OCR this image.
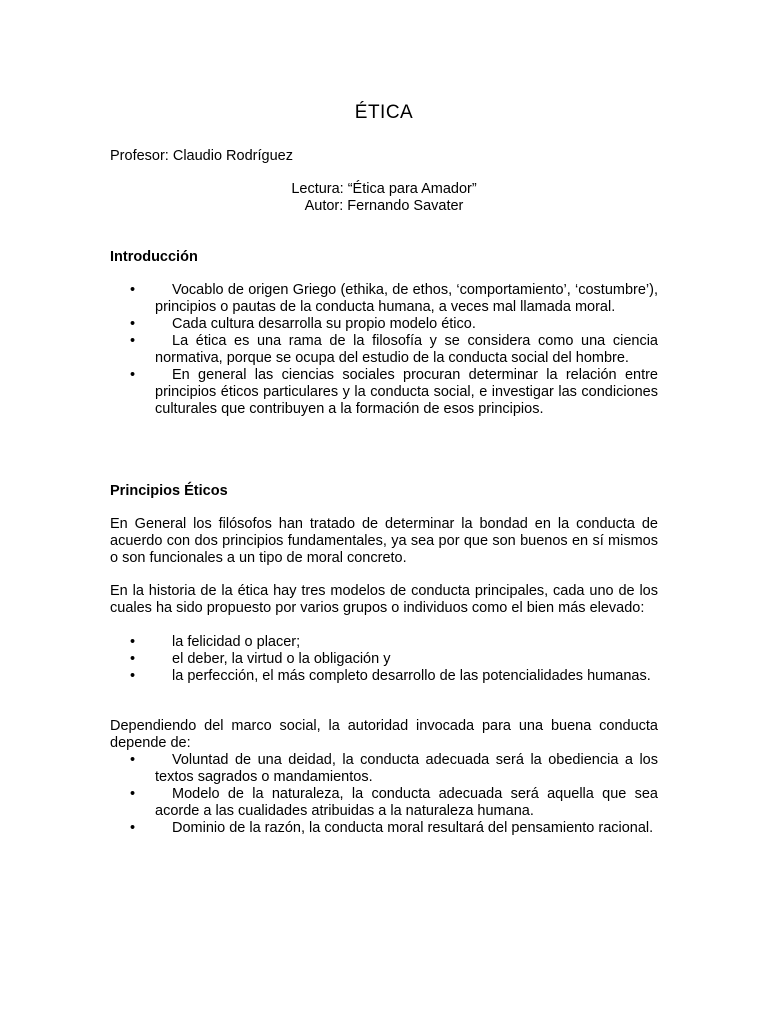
ÉTICA

Profesor: Claudio Rodríguez

Lectura: “Ética para Amador”

Autor: Fernando Savater

Introducción
•	Vocablo de origen Griego (ethika, de ethos, ‘comportamiento’, ‘costumbre’), principios o pautas de la conducta humana, a veces mal llamada moral.
•	Cada cultura desarrolla su propio modelo ético.
•	La ética es una rama de la filosofía y se considera como una ciencia normativa, porque se ocupa del estudio de la conducta social del hombre.
•	En general las ciencias sociales procuran determinar la relación entre principios éticos particulares y la conducta social, e investigar las condiciones culturales que contribuyen a la formación de esos principios.
Principios Éticos

En General los filósofos han tratado de determinar la bondad en la conducta de acuerdo con dos principios fundamentales, ya sea por que son buenos en sí mismos o son funcionales a un tipo de moral concreto.

En la historia de la ética hay tres modelos de conducta principales, cada uno de los cuales ha sido propuesto por varios grupos o individuos como el bien más elevado:

•	la felicidad o placer;
•	el deber, la virtud o la obligación y
•	la perfección, el más completo desarrollo de las potencialidades humanas.

Dependiendo del marco social, la autoridad invocada para una buena conducta depende de:

•	Voluntad de una deidad, la conducta adecuada será la obediencia a los textos sagrados o mandamientos.
•	Modelo de la naturaleza, la conducta adecuada será aquella que sea acorde a las cualidades atribuidas a la naturaleza humana.
•	Dominio de la razón, la conducta moral resultará del pensamiento racional.
